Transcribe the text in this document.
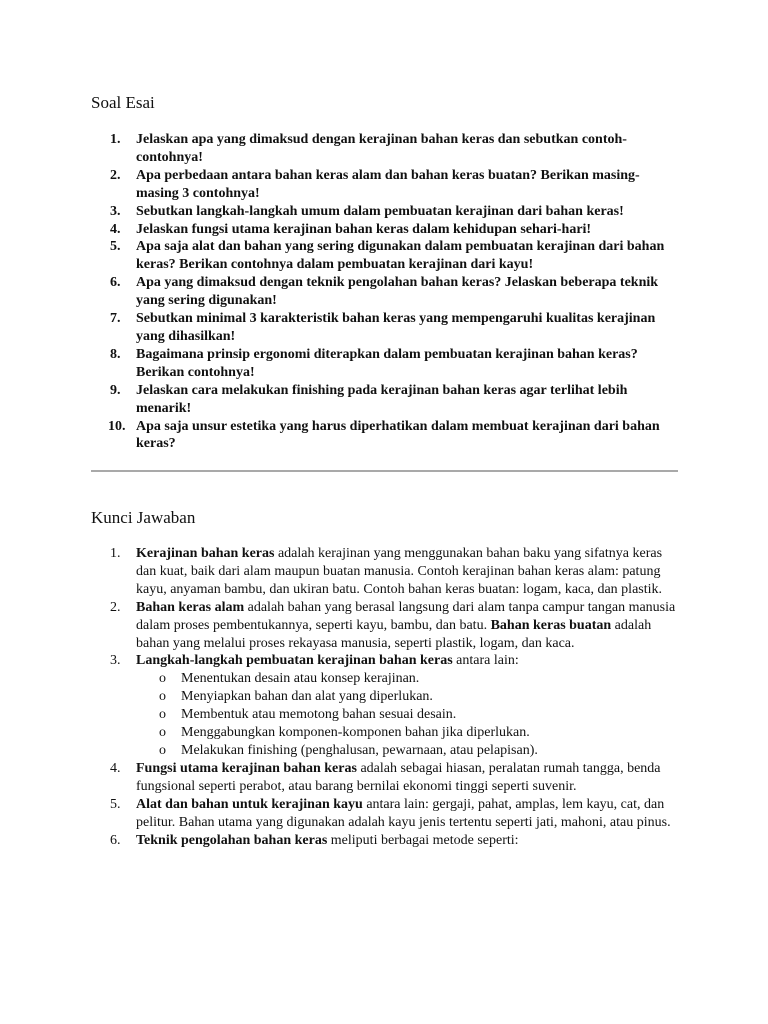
Soal Esai
1.	Jelaskan apa yang dimaksud dengan kerajinan bahan keras dan sebutkan contoh-contohnya!
2.	Apa perbedaan antara bahan keras alam dan bahan keras buatan? Berikan masing-masing 3 contohnya!
3.	Sebutkan langkah-langkah umum dalam pembuatan kerajinan dari bahan keras!
4.	Jelaskan fungsi utama kerajinan bahan keras dalam kehidupan sehari-hari!
5.	Apa saja alat dan bahan yang sering digunakan dalam pembuatan kerajinan dari bahan keras? Berikan contohnya dalam pembuatan kerajinan dari kayu!
6.	Apa yang dimaksud dengan teknik pengolahan bahan keras? Jelaskan beberapa teknik yang sering digunakan!
7.	Sebutkan minimal 3 karakteristik bahan keras yang mempengaruhi kualitas kerajinan yang dihasilkan!
8.	Bagaimana prinsip ergonomi diterapkan dalam pembuatan kerajinan bahan keras? Berikan contohnya!
9.	Jelaskan cara melakukan finishing pada kerajinan bahan keras agar terlihat lebih menarik!
10. Apa saja unsur estetika yang harus diperhatikan dalam membuat kerajinan dari bahan keras?
Kunci Jawaban
1.	Kerajinan bahan keras adalah kerajinan yang menggunakan bahan baku yang sifatnya keras dan kuat, baik dari alam maupun buatan manusia. Contoh kerajinan bahan keras alam: patung kayu, anyaman bambu, dan ukiran batu. Contoh bahan keras buatan: logam, kaca, dan plastik.
2.	Bahan keras alam adalah bahan yang berasal langsung dari alam tanpa campur tangan manusia dalam proses pembentukannya, seperti kayu, bambu, dan batu. Bahan keras buatan adalah bahan yang melalui proses rekayasa manusia, seperti plastik, logam, dan kaca.
3.	Langkah-langkah pembuatan kerajinan bahan keras antara lain:
o Menentukan desain atau konsep kerajinan.
o Menyiapkan bahan dan alat yang diperlukan.
o Membentuk atau memotong bahan sesuai desain.
o Menggabungkan komponen-komponen bahan jika diperlukan.
o Melakukan finishing (penghalusan, pewarnaan, atau pelapisan).
4.	Fungsi utama kerajinan bahan keras adalah sebagai hiasan, peralatan rumah tangga, benda fungsional seperti perabot, atau barang bernilai ekonomi tinggi seperti suvenir.
5.	Alat dan bahan untuk kerajinan kayu antara lain: gergaji, pahat, amplas, lem kayu, cat, dan pelitur. Bahan utama yang digunakan adalah kayu jenis tertentu seperti jati, mahoni, atau pinus.
6.	Teknik pengolahan bahan keras meliputi berbagai metode seperti:
